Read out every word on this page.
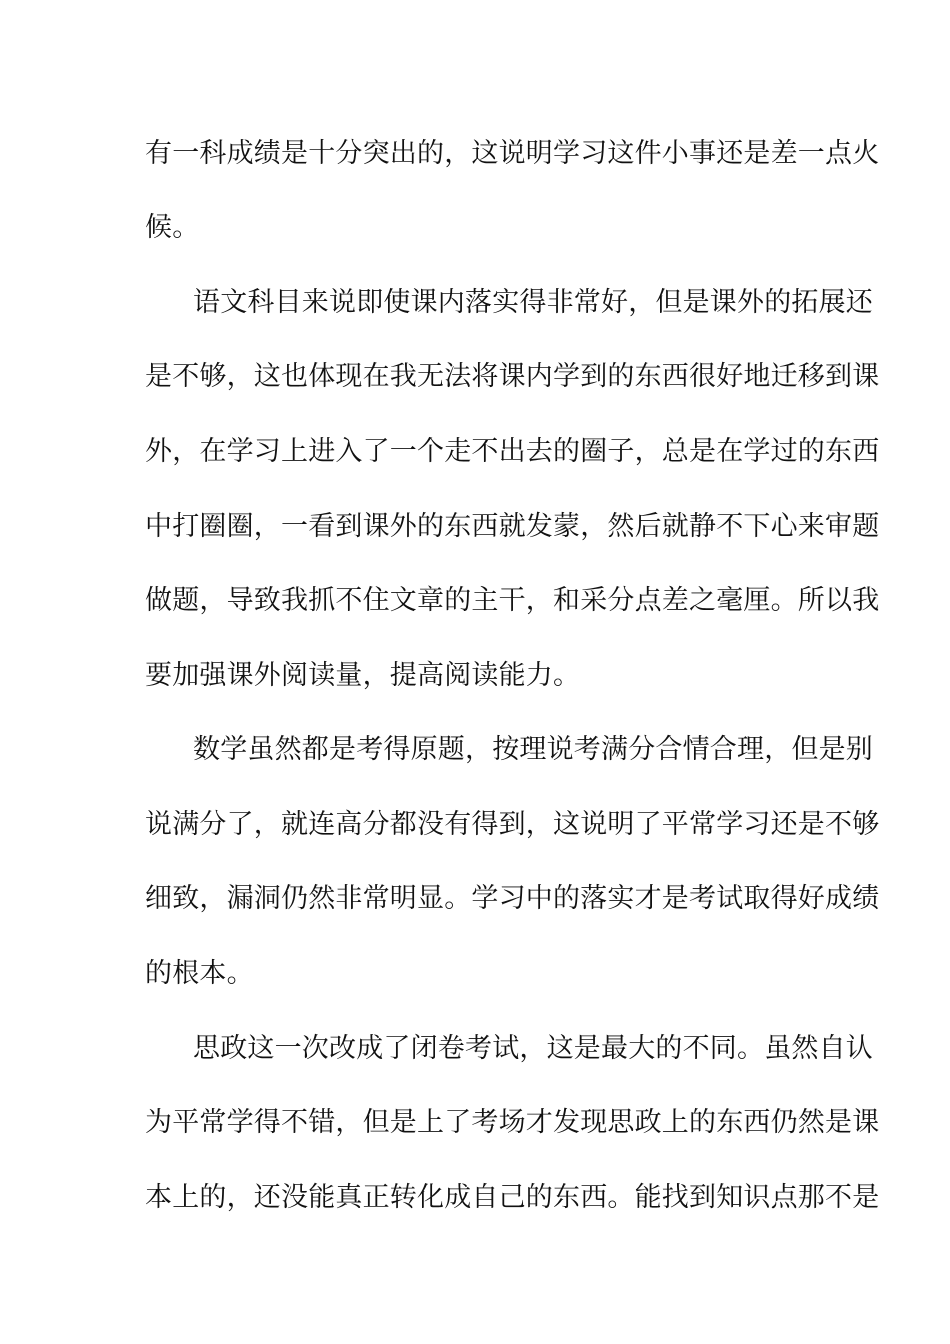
有一科成绩是十分突出的，这说明学习这件小事还是差一点火
候。
语文科目来说即使课内落实得非常好，但是课外的拓展还
是不够，这也体现在我无法将课内学到的东西很好地迁移到课
外，在学习上进入了一个走不出去的圈子，总是在学过的东西
中打圈圈，一看到课外的东西就发蒙，然后就静不下心来审题
做题，导致我抓不住文章的主干，和采分点差之毫厘。所以我
要加强课外阅读量，提高阅读能力。
数学虽然都是考得原题，按理说考满分合情合理，但是别
说满分了，就连高分都没有得到，这说明了平常学习还是不够
细致，漏洞仍然非常明显。学习中的落实才是考试取得好成绩
的根本。
思政这一次改成了闭卷考试，这是最大的不同。虽然自认
为平常学得不错，但是上了考场才发现思政上的东西仍然是课
本上的，还没能真正转化成自己的东西。能找到知识点那不是
